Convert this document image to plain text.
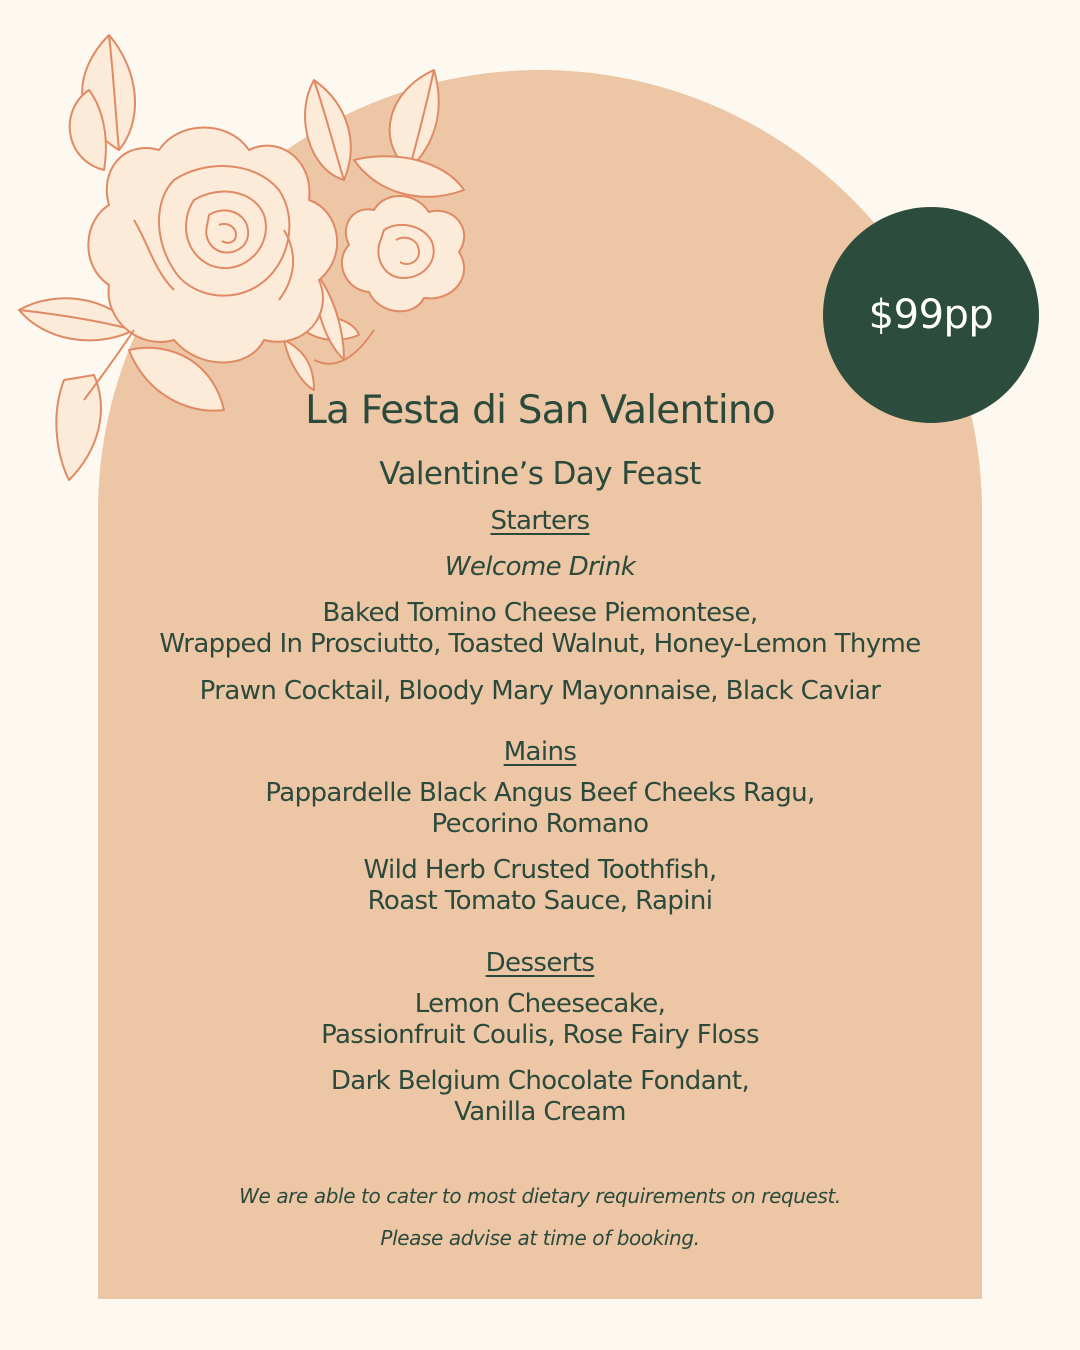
$99pp
La Festa di San Valentino
Valentine’s Day Feast
Starters
Welcome Drink
Baked Tomino Cheese Piemontese,
Wrapped In Prosciutto, Toasted Walnut, Honey-Lemon Thyme
Prawn Cocktail, Bloody Mary Mayonnaise, Black Caviar
Mains
Pappardelle Black Angus Beef Cheeks Ragu,
Pecorino Romano
Wild Herb Crusted Toothfish,
Roast Tomato Sauce, Rapini
Desserts
Lemon Cheesecake,
Passionfruit Coulis, Rose Fairy Floss
Dark Belgium Chocolate Fondant,
Vanilla Cream
We are able to cater to most dietary requirements on request.
Please advise at time of booking.
